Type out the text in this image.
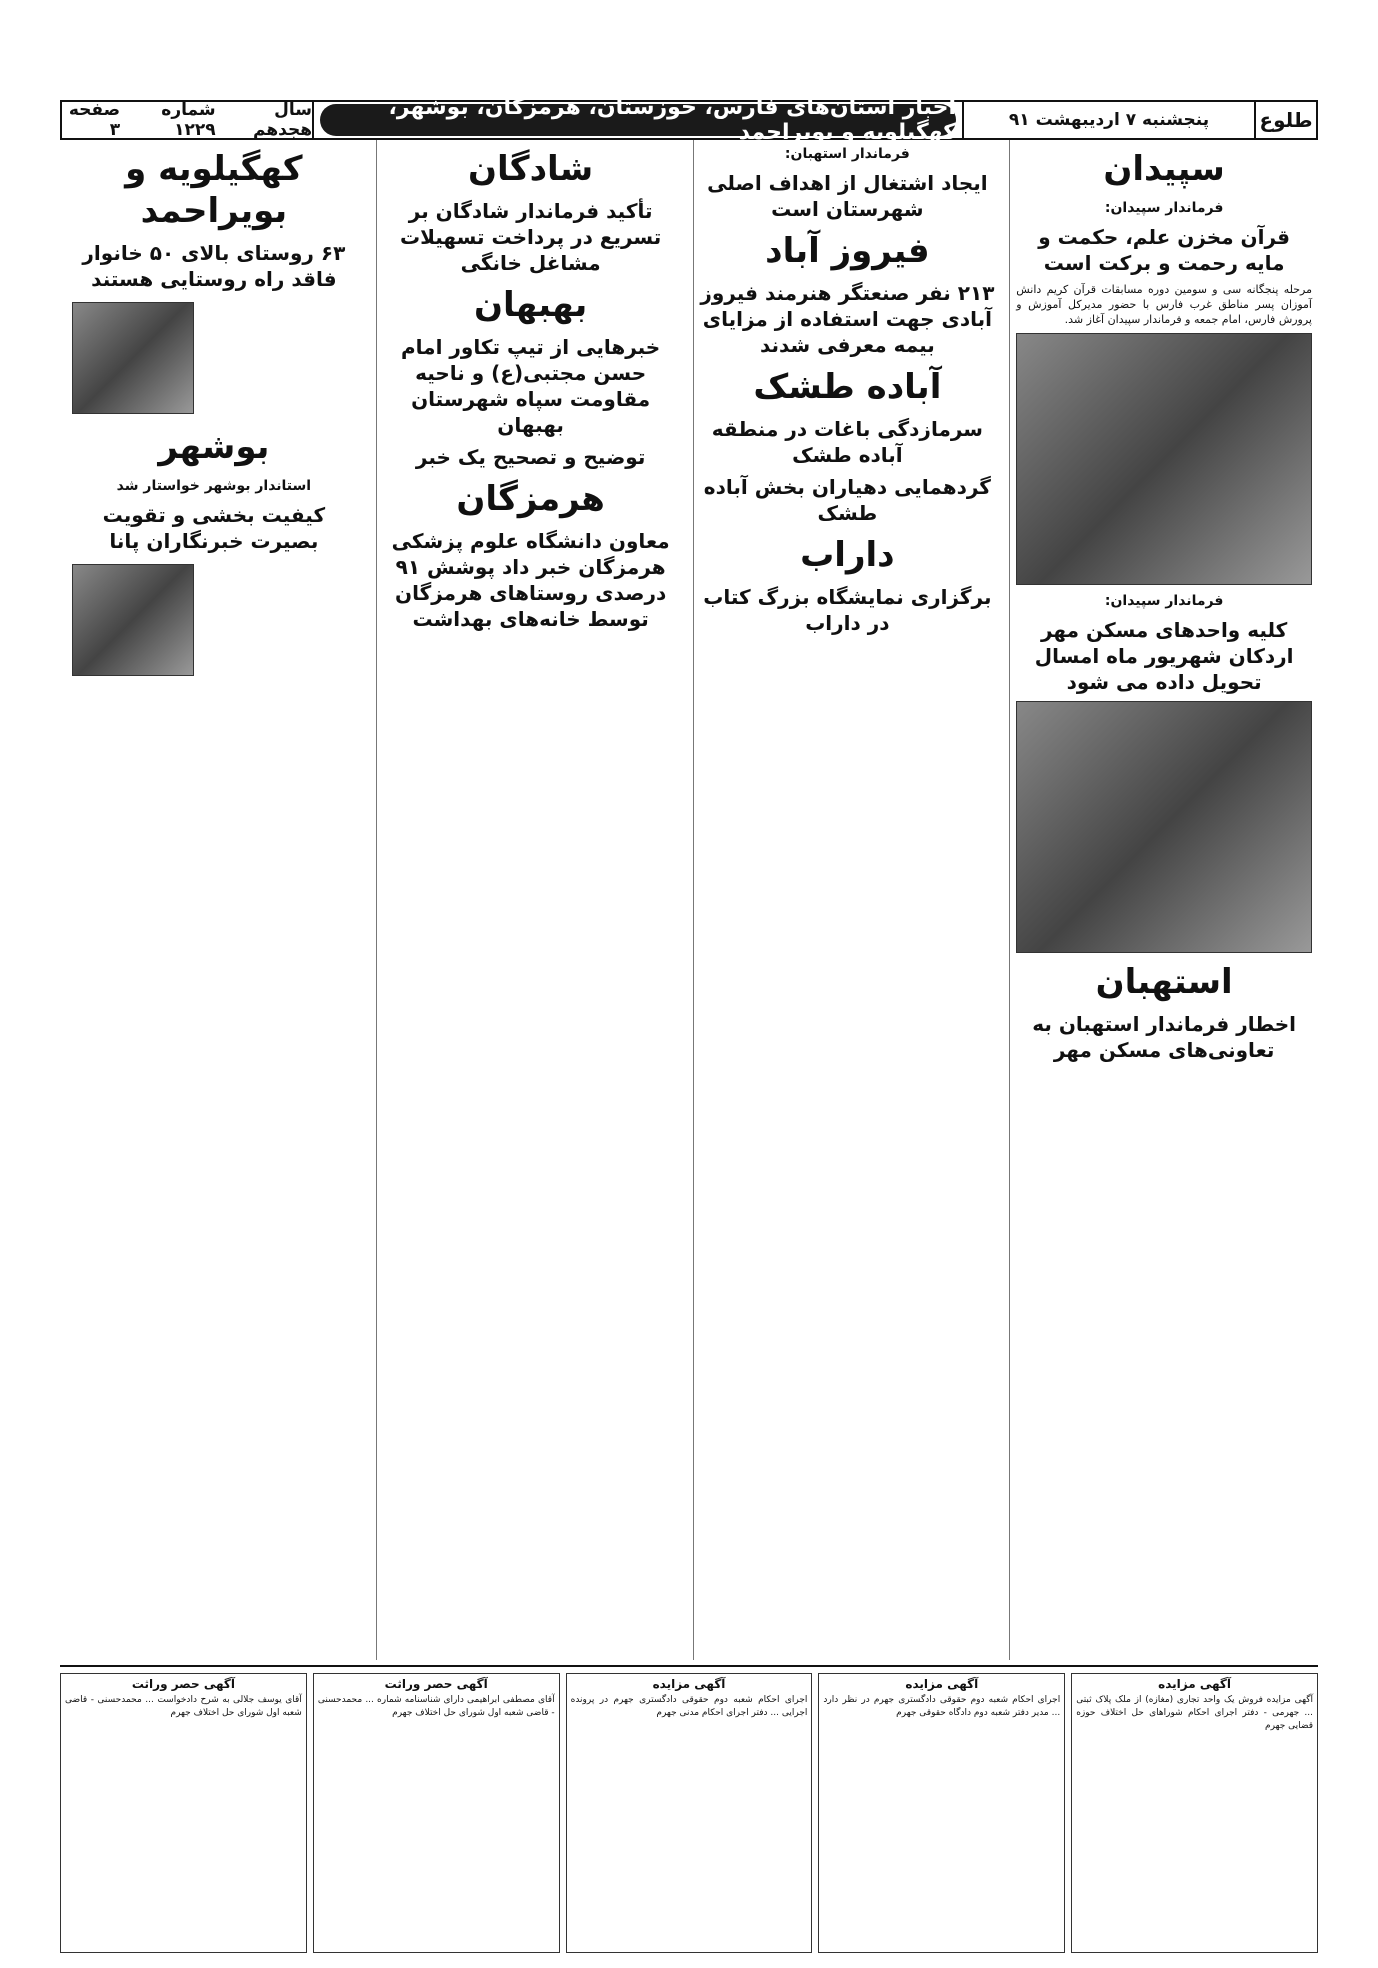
طلوع
پنجشنبه ۷ اردیبهشت ۹۱
اخبار استان‌های فارس، خوزستان، هرمزگان، بوشهر، کهگیلویه و بویراحمد
سال هجدهم
شماره ۱۲۲۹
صفحه ۳
سپیدان
فرماندار سپیدان:
قرآن مخزن علم، حکمت و مایه رحمت و برکت است
مرحله پنجگانه سی و سومین دوره مسابقات قرآن کریم دانش آموزان پسر مناطق غرب فارس با حضور مدیرکل آموزش و پرورش فارس، امام جمعه و فرماندار سپیدان آغاز شد.
فرماندار سپیدان:
کلیه واحدهای مسکن مهر اردکان شهریور ماه امسال تحویل داده می شود
استهبان
اخطار فرماندار استهبان به تعاونی‌های مسکن مهر
فرماندار استهبان:
ایجاد اشتغال از اهداف اصلی شهرستان است
فیروز آباد
۲۱۳ نفر صنعتگر هنرمند فیروز آبادی جهت استفاده از مزایای بیمه معرفی شدند
آباده طشک
سرمازدگی باغات در منطقه آباده طشک
گردهمایی دهیاران بخش آباده طشک
داراب
برگزاری نمایشگاه بزرگ کتاب در داراب
شادگان
تأکید فرماندار شادگان بر تسریع در پرداخت تسهیلات مشاغل خانگی
بهبهان
خبرهایی از تیپ تکاور امام حسن مجتبی(ع) و ناحیه مقاومت سپاه شهرستان بهبهان
توضیح و تصحیح یک خبر
هرمزگان
معاون دانشگاه علوم پزشکی هرمزگان خبر داد پوشش ۹۱ درصدی روستاهای هرمزگان توسط خانه‌های بهداشت
کهگیلویه و بویراحمد
۶۳ روستای بالای ۵۰ خانوار فاقد راه روستایی هستند
بوشهر
استاندار بوشهر خواستار شد
کیفیت بخشی و تقویت بصیرت خبرنگاران پانا
آگهی مزایده
آگهی مزایده فروش یک واحد تجاری (مغازه) از ملک پلاک ثبتی ... جهرمی - دفتر اجرای احکام شوراهای حل اختلاف حوزه قضایی جهرم
آگهی مزایده
اجرای احکام شعبه دوم حقوقی دادگستری جهرم در نظر دارد ... مدیر دفتر شعبه دوم دادگاه حقوقی جهرم
آگهی مزایده
اجرای احکام شعبه دوم حقوقی دادگستری جهرم در پرونده اجرایی ... دفتر اجرای احکام مدنی جهرم
آگهی حصر وراثت
آقای مصطفی ابراهیمی دارای شناسنامه شماره ... محمدحسنی - قاضی شعبه اول شورای حل اختلاف جهرم
آگهی حصر وراثت
آقای یوسف جلالی به شرح دادخواست ... محمدحسنی - قاضی شعبه اول شورای حل اختلاف جهرم
